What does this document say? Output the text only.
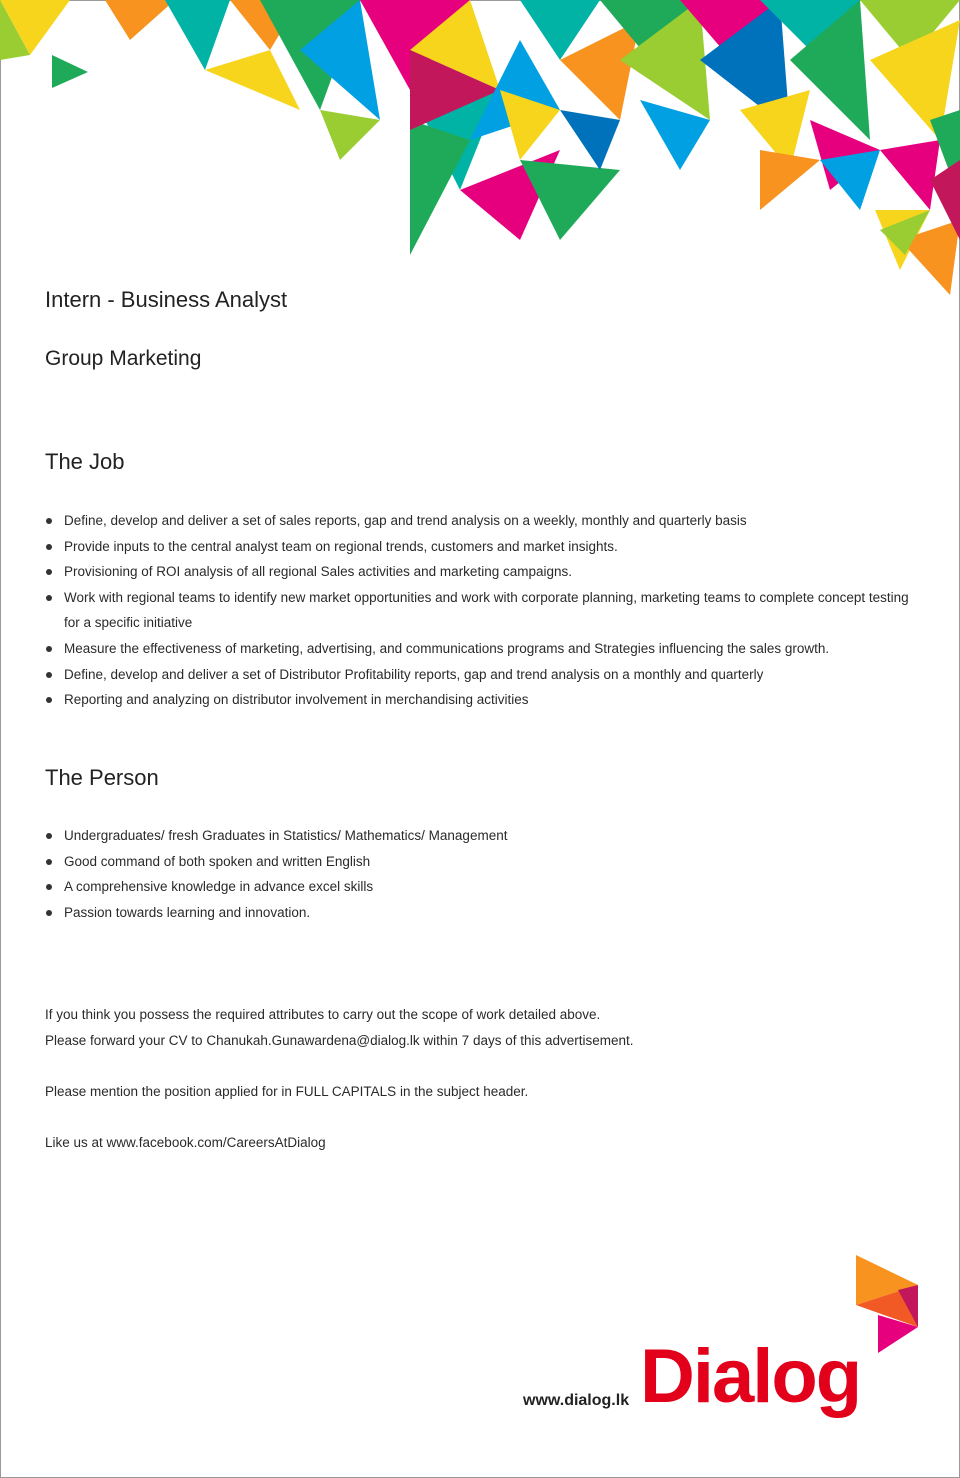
Intern - Business Analyst
Group Marketing
The Job
Define, develop and deliver a set of sales reports, gap and trend analysis on a weekly, monthly and quarterly basis
Provide inputs to the central analyst team on regional trends, customers and market insights.
Provisioning of ROI analysis of all regional Sales activities and marketing campaigns.
Work with regional teams to identify new market opportunities and work with corporate planning, marketing teams to complete concept testing for a specific initiative
Measure the effectiveness of marketing, advertising, and communications programs and Strategies influencing the sales growth.
Define, develop and deliver a set of Distributor Profitability reports, gap and trend analysis on a monthly and quarterly
Reporting and analyzing on distributor involvement in merchandising activities
The Person
Undergraduates/ fresh Graduates in Statistics/ Mathematics/ Management
Good command of both spoken and written English
A comprehensive knowledge in advance excel skills
Passion towards learning and innovation.

If you think you possess the required attributes to carry out the scope of work detailed above.

Please forward your CV to Chanukah.Gunawardena@dialog.lk within 7 days of this advertisement.

Please mention the position applied for in FULL CAPITALS in the subject header.

Like us at www.facebook.com/CareersAtDialog

www.dialog.lk Dialog
